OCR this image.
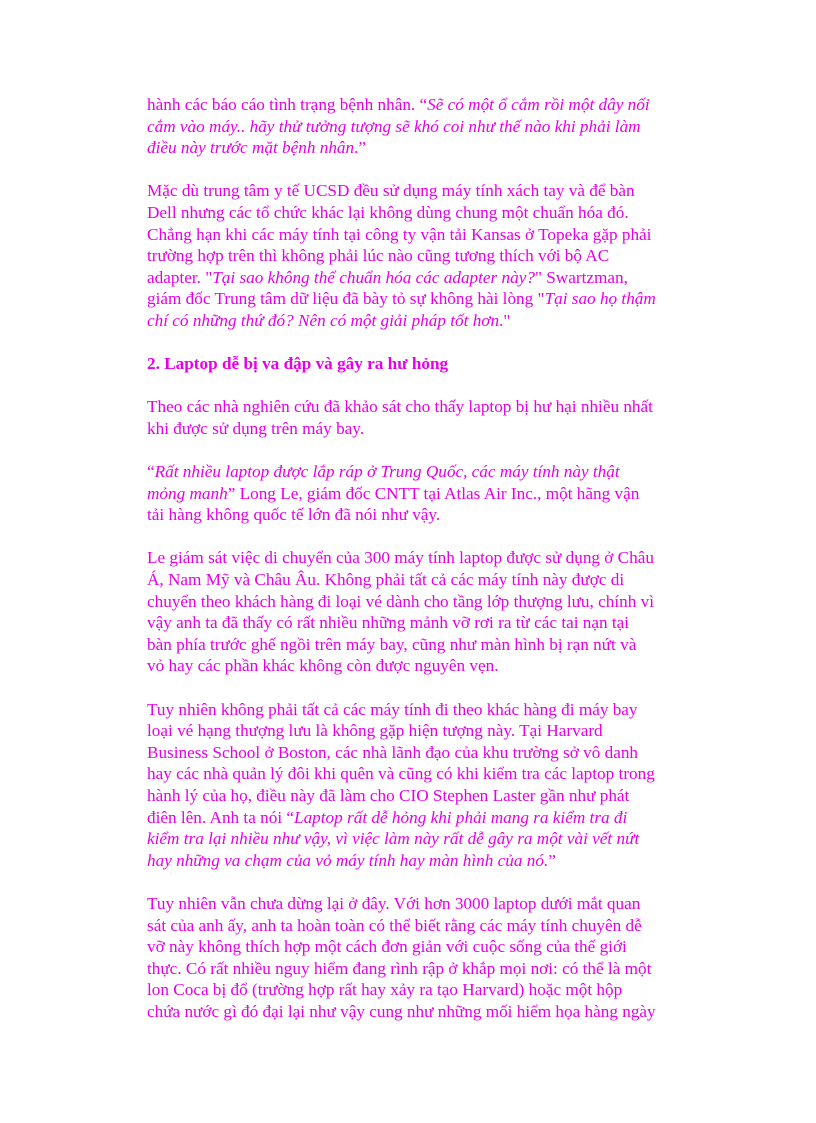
hành các báo cáo tình trạng bệnh nhân. “Sẽ có một ổ cắm rồi một dây nối
cắm vào máy.. hãy thử tưởng tượng sẽ khó coi như thế nào khi phải làm
điều này trước mặt bệnh nhân.”
Mặc dù trung tâm y tế UCSD đều sử dụng máy tính xách tay và để bàn
Dell nhưng các tổ chức khác lại không dùng chung một chuẩn hóa đó.
Chẳng hạn khi các máy tính tại công ty vận tải Kansas ở Topeka gặp phải
trường hợp trên thì không phải lúc nào cũng tương thích với bộ AC
adapter. "Tại sao không thể chuẩn hóa các adapter này?" Swartzman,
giám đốc Trung tâm dữ liệu đã bày tỏ sự không hài lòng "Tại sao họ thậm
chí có những thứ đó? Nên có một giải pháp tốt hơn."
2. Laptop dễ bị va đập và gây ra hư hỏng
Theo các nhà nghiên cứu đã khảo sát cho thấy laptop bị hư hại nhiều nhất
khi được sử dụng trên máy bay.
“Rất nhiều laptop được lắp ráp ở Trung Quốc, các máy tính này thật
mỏng manh” Long Le, giám đốc CNTT tại Atlas Air Inc., một hãng vận
tải hàng không quốc tế lớn đã nói như vậy.
Le giám sát việc di chuyển của 300 máy tính laptop được sử dụng ở Châu
Á, Nam Mỹ và Châu Âu. Không phải tất cả các máy tính này được di
chuyển theo khách hàng đi loại vé dành cho tầng lớp thượng lưu, chính vì
vậy anh ta đã thấy có rất nhiều những mảnh vỡ rơi ra từ các tai nạn tại
bàn phía trước ghế ngồi trên máy bay, cũng như màn hình bị rạn nứt và
vỏ hay các phần khác không còn được nguyên vẹn.
Tuy nhiên không phải tất cả các máy tính đi theo khác hàng đi máy bay
loại vé hạng thượng lưu là không gặp hiện tượng này. Tại Harvard
Business School ở Boston, các nhà lãnh đạo của khu trường sở vô danh
hay các nhà quản lý đôi khi quên và cũng có khi kiểm tra các laptop trong
hành lý của họ, điều này đã làm cho CIO Stephen Laster gần như phát
điên lên. Anh ta nói “Laptop rất dễ hỏng khi phải mang ra kiểm tra đi
kiểm tra lại nhiều như vậy, vì việc làm này rất dễ gây ra một vài vết nứt
hay những va chạm của vỏ máy tính hay màn hình của nó.”
Tuy nhiên vẫn chưa dừng lại ở đây. Với hơn 3000 laptop dưới mắt quan
sát của anh ấy, anh ta hoàn toàn có thể biết rằng các máy tính chuyên dễ
vỡ này không thích hợp một cách đơn giản với cuộc sống của thế giới
thực. Có rất nhiều nguy hiểm đang rình rập ở khắp mọi nơi: có thể là một
lon Coca bị đổ (trường hợp rất hay xảy ra tạo Harvard) hoặc một hộp
chứa nước gì đó đại lại như vậy cung như những mối hiểm họa hàng ngày
